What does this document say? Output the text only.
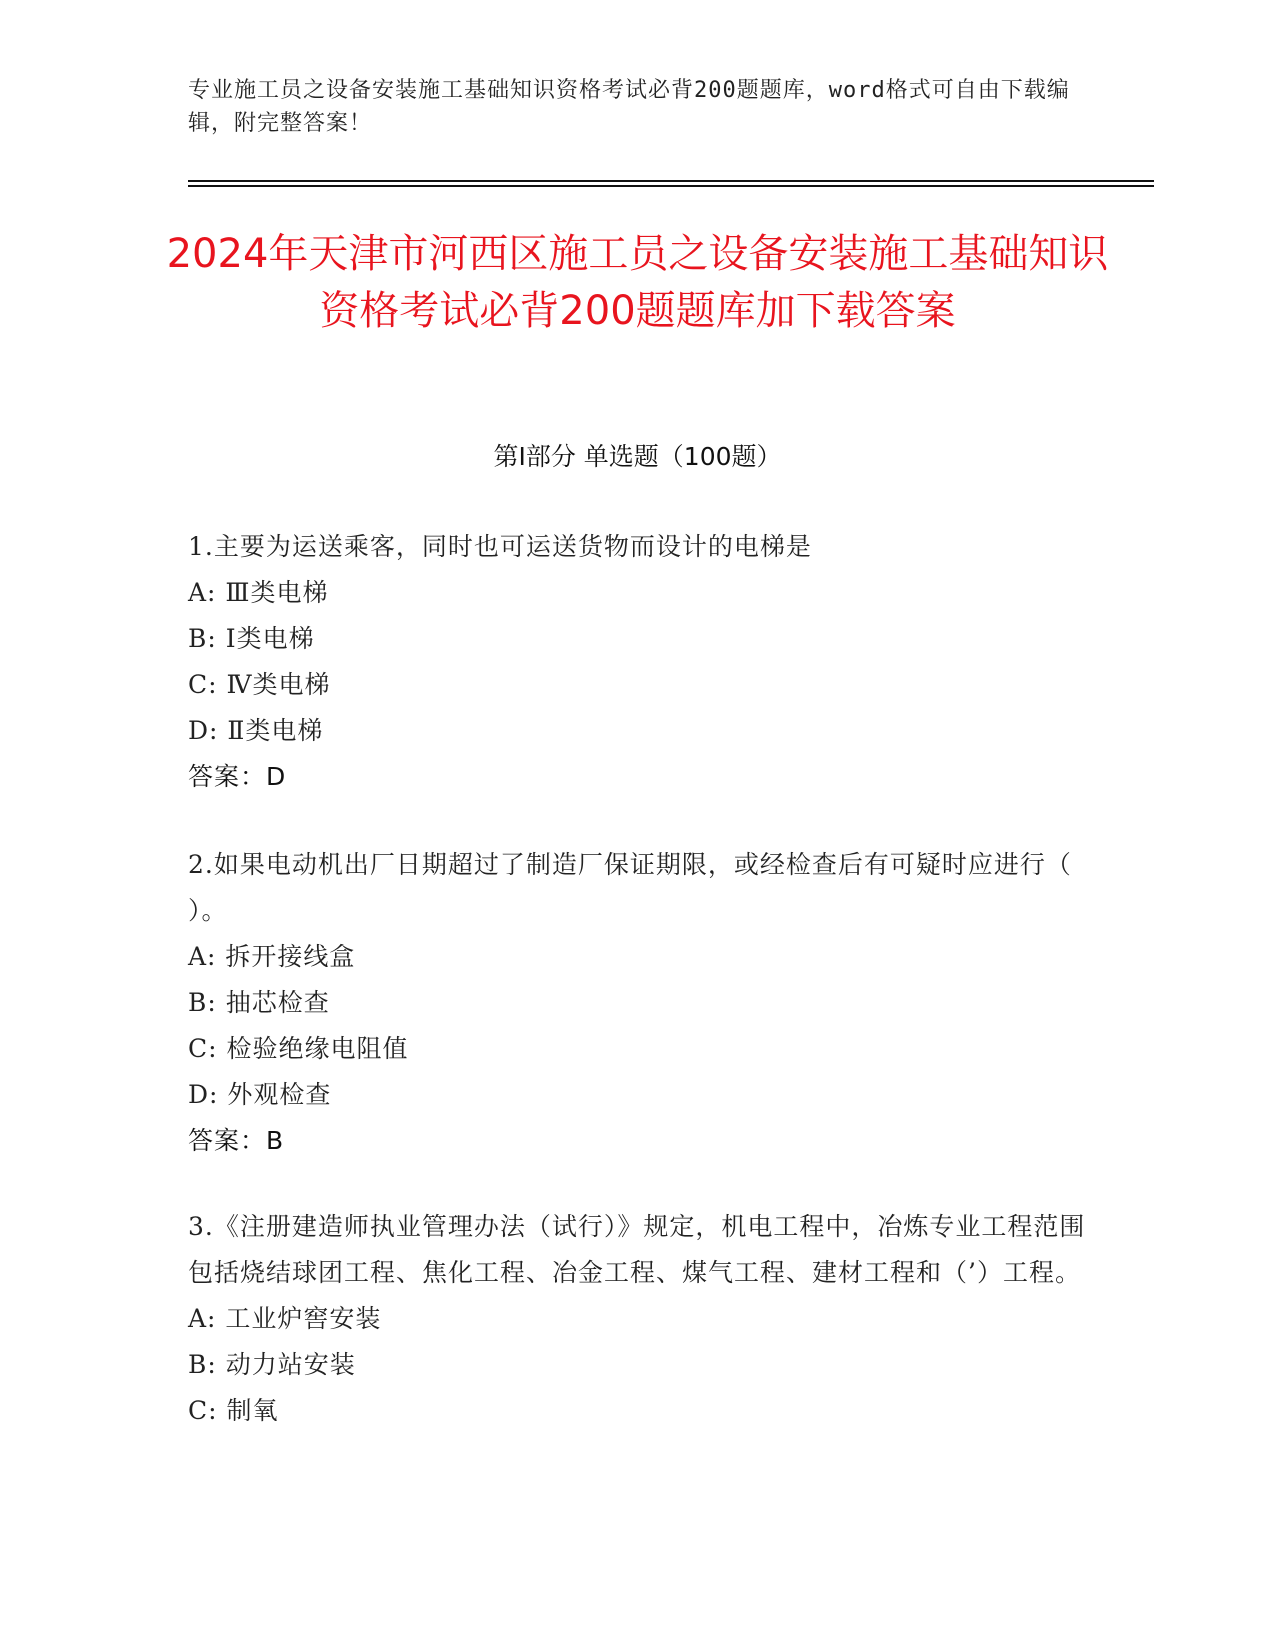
专业施工员之设备安装施工基础知识资格考试必背200题题库，word格式可自由下载编辑，附完整答案！
2024年天津市河西区施工员之设备安装施工基础知识资格考试必背200题题库加下载答案
第Ⅰ部分 单选题（100题）

1.主要为运送乘客，同时也可运送货物而设计的电梯是

A: Ⅲ类电梯

B: Ⅰ类电梯

C: Ⅳ类电梯

D: Ⅱ类电梯

答案：D

2.如果电动机出厂日期超过了制造厂保证期限，或经检查后有可疑时应进行（ ）。

A: 拆开接线盒

B: 抽芯检查

C: 检验绝缘电阻值

D: 外观检查

答案：B

3.《注册建造师执业管理办法（试行）》规定，机电工程中，冶炼专业工程范围包括烧结球团工程、焦化工程、冶金工程、煤气工程、建材工程和（’）工程。

A: 工业炉窖安装

B: 动力站安装

C: 制氧
